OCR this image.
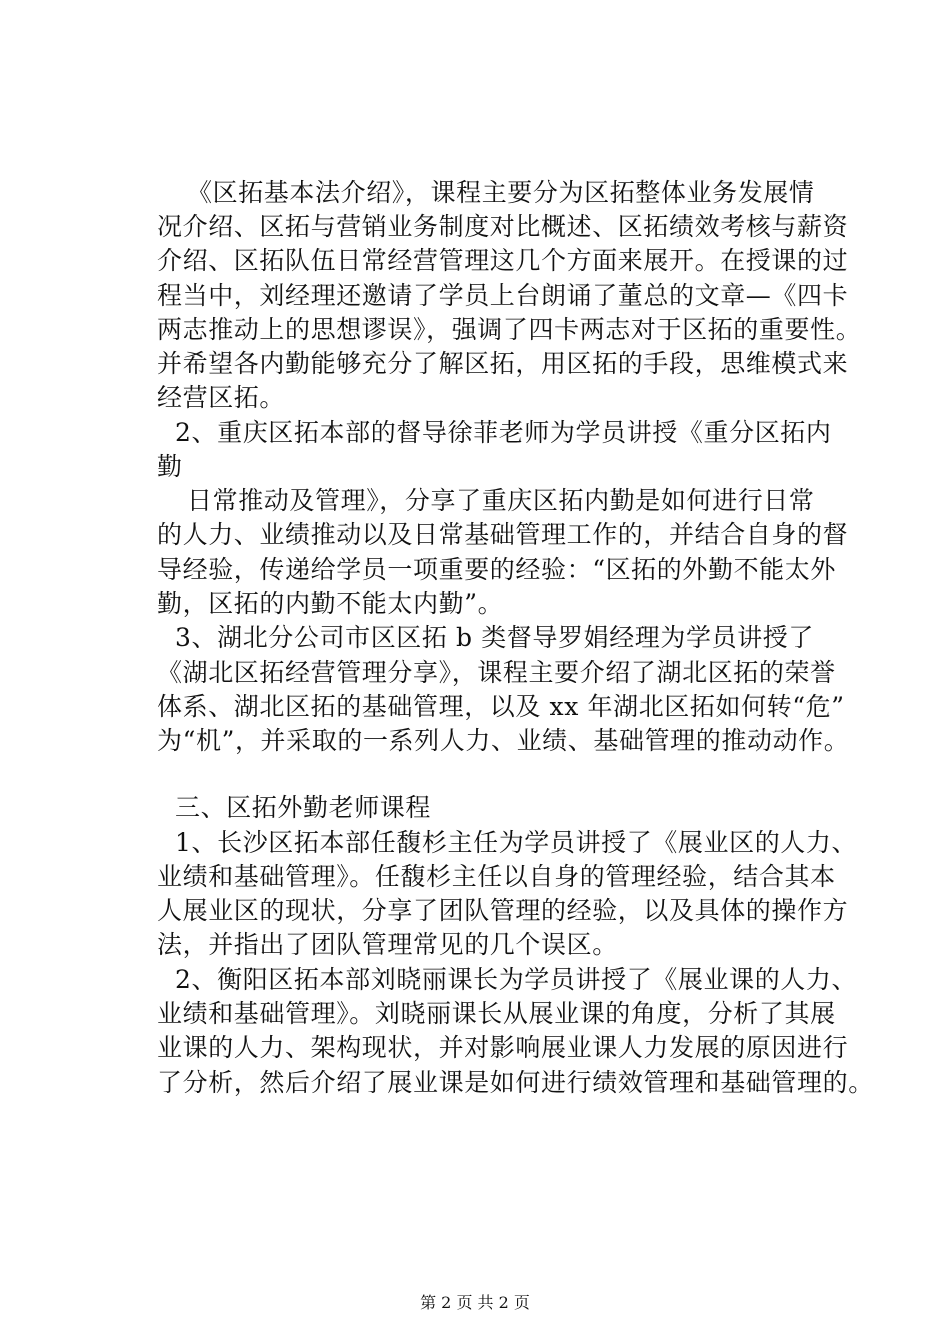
《区拓基本法介绍》，课程主要分为区拓整体业务发展情
况介绍、区拓与营销业务制度对比概述、区拓绩效考核与薪资
介绍、区拓队伍日常经营管理这几个方面来展开。在授课的过
程当中，刘经理还邀请了学员上台朗诵了董总的文章—《四卡
两志推动上的思想谬误》，强调了四卡两志对于区拓的重要性。
并希望各内勤能够充分了解区拓，用区拓的手段，思维模式来
经营区拓。
2、重庆区拓本部的督导徐菲老师为学员讲授《重分区拓内
勤
日常推动及管理》，分享了重庆区拓内勤是如何进行日常
的人力、业绩推动以及日常基础管理工作的，并结合自身的督
导经验，传递给学员一项重要的经验：“区拓的外勤不能太外
勤，区拓的内勤不能太内勤”。
3、湖北分公司市区区拓 b 类督导罗娟经理为学员讲授了
《湖北区拓经营管理分享》，课程主要介绍了湖北区拓的荣誉
体系、湖北区拓的基础管理，以及 xx 年湖北区拓如何转“危”
为“机”，并采取的一系列人力、业绩、基础管理的推动动作。
三、区拓外勤老师课程
1、长沙区拓本部任馥杉主任为学员讲授了《展业区的人力、
业绩和基础管理》。任馥杉主任以自身的管理经验，结合其本
人展业区的现状，分享了团队管理的经验，以及具体的操作方
法，并指出了团队管理常见的几个误区。
2、衡阳区拓本部刘晓丽课长为学员讲授了《展业课的人力、
业绩和基础管理》。刘晓丽课长从展业课的角度，分析了其展
业课的人力、架构现状，并对影响展业课人力发展的原因进行
了分析，然后介绍了展业课是如何进行绩效管理和基础管理的。
第 2 页 共 2 页
